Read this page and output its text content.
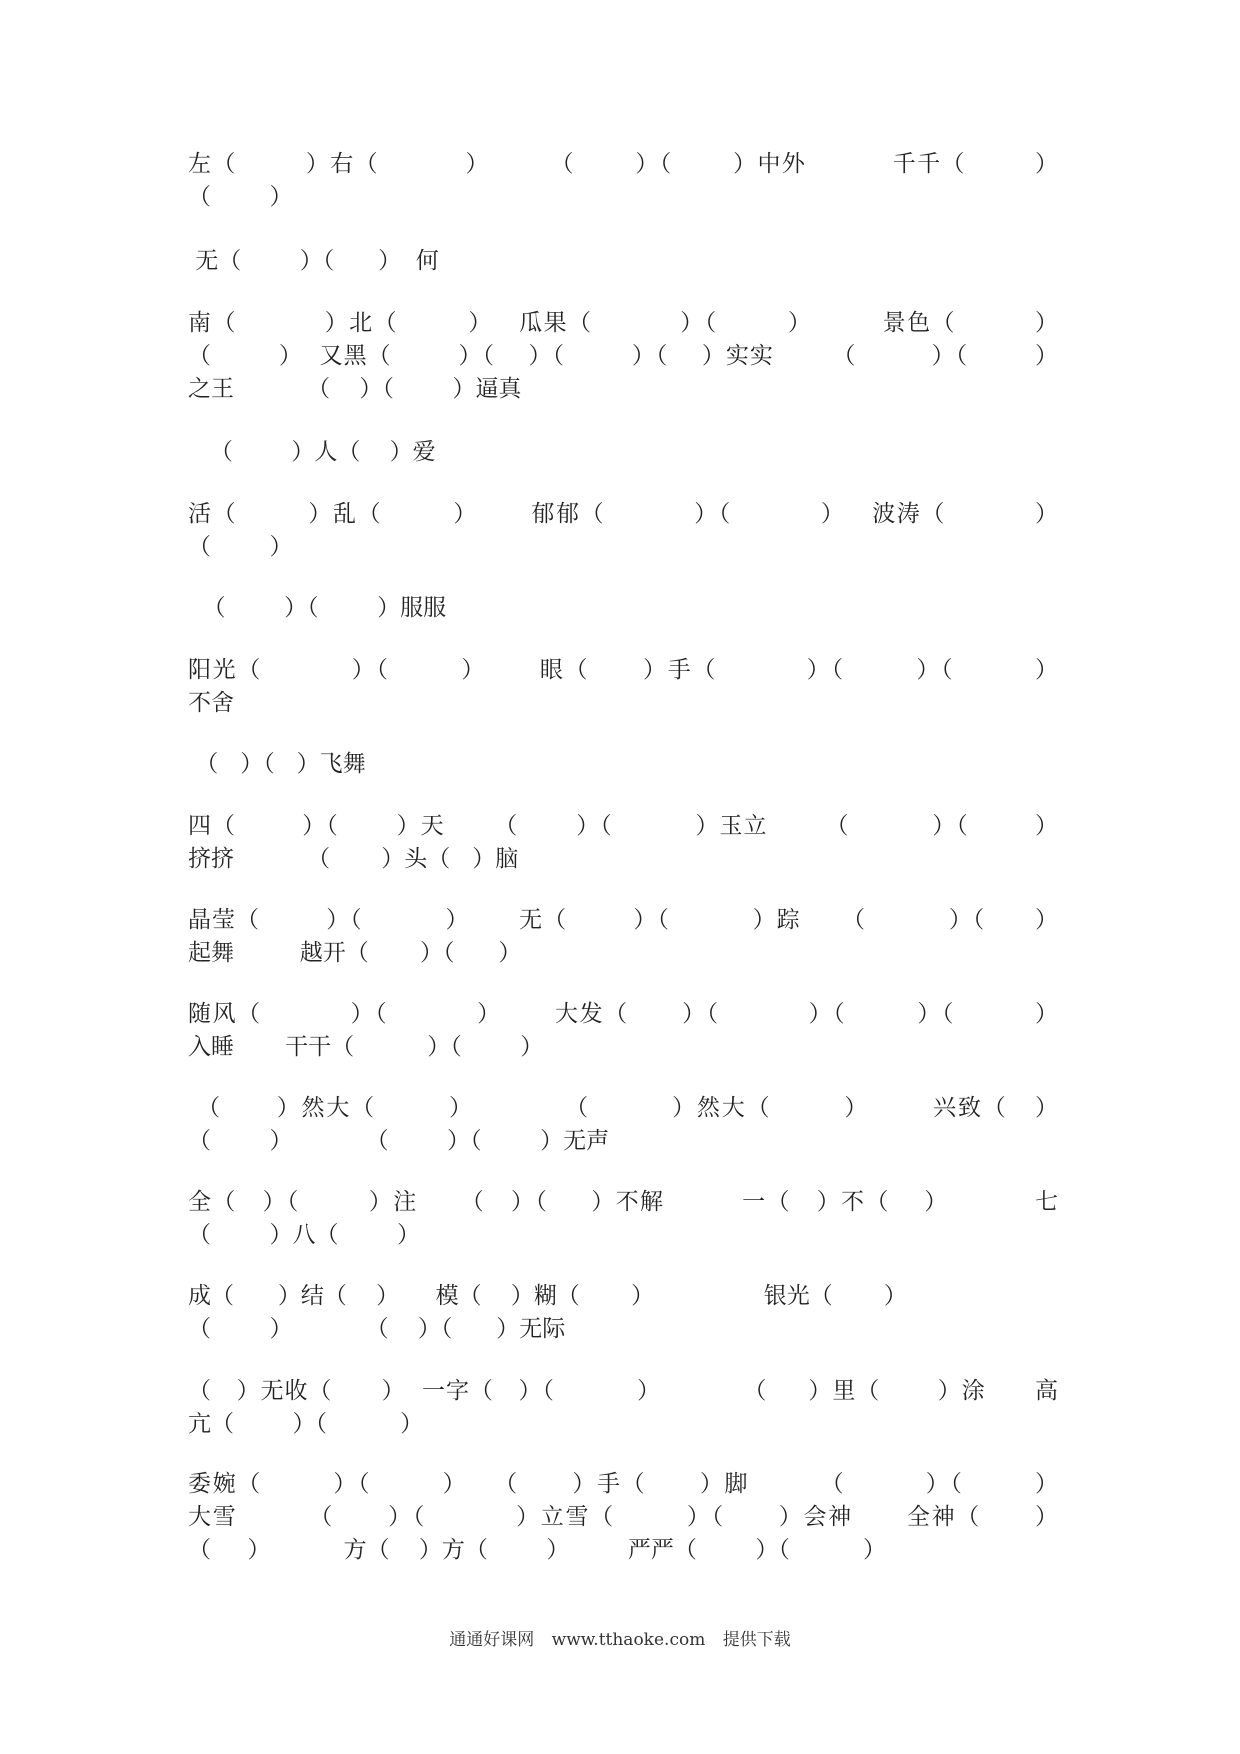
左（        ）右（          ）       （       ）（       ）中外          千千（        ）
（        ）
无（        ）（      ）  何
南（          ）北（        ）   瓜果（          ）（        ）        景色（         ）
（        ）  又黑（        ）（    ）（        ）（    ）实实       （         ）（        ）
之王          （    ）（        ）逼真
（        ）人（    ）爱
活（        ）乱（        ）      郁郁（          ）（          ）   波涛（          ）
（        ）
（        ）（        ）服服
阳光（          ）（        ）      眼（      ）手（          ）（        ）（         ）
不舍
（   ）（   ）飞舞
四（        ）（       ）天      （       ）（          ）玉立       （          ）（        ）
挤挤          （       ）头（   ）脑
晶莹（        ）（          ）      无（        ）（          ）踪     （          ）（      ）
起舞         越开（       ）（      ）
随风（          ）（          ）      大发（      ）（          ）（        ）（         ）
入睡       干干（          ）（        ）
（      ）然大（        ）          （         ）然大（        ）       兴致（   ）
（        ）          （        ）（        ）无声
全（   ）（        ）注     （   ）（     ）不解         一（   ）不（    ）          七
（        ）八（        ）
成（      ）结（    ）     模（    ）糊（       ）               银光（       ）
（        ）          （    ）（      ）无际
（   ）无收（      ）  一字（   ）（          ）          （     ）里（       ）涂      高
亢（        ）（          ）
委婉（        ）（        ）   （      ）手（      ）脚        （         ）（        ）
大雪        （      ）（          ）立雪（        ）（      ）会神      全神（      ）
（     ）          方（    ）方（        ）        严严（        ）（          ）
通通好课网 www.tthaoke.com 提供下载
